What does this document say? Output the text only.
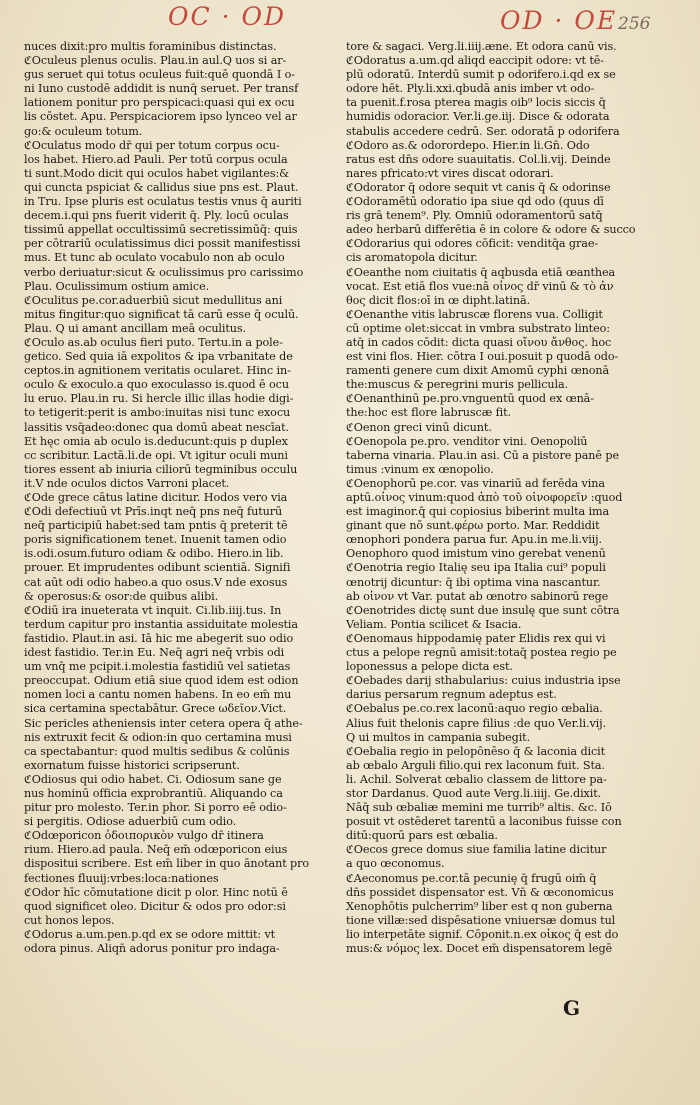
OC · OD	OD · OE 256
nuces dixit:pro multis foraminibus distinctas.
ℭOculeus plenus oculis. Plau.in aul.Q uos si ar-
gus seruet qui totus oculeus fuit:quē quondā I o-
ni Iuno custodē addidit is nunq̄ seruet. Per transf
lationem ponitur pro perspicaci:quasi qui ex ocu
lis cōstet. Apu. Perspicaciorem ipso lynceo vel ar
go:& oculeum totum.
ℭOculatus modo dr̄ qui per totum corpus ocu-
los habet. Hiero.ad Pauli. Per totū corpus ocula
ti sunt.Modo dicit̄ qui oculos habet vigilantes:&
qui cuncta pspiciat & callidus siue pns est. Plaut.
in Tru. Ipse pluris est oculatus testis vnus q̄ auriti
decem.i.qui pns fuerit viderit q̄. Ply. locū oculas
tissimū appellat occultissimū secretissimūq̄: quis
per cōtrariū oculatissimus dici possit manifestissi
mus. Et tunc ab oculato vocabulo non ab oculo
verbo deriuatur:sicut & oculissimus pro carissimo
Plau. Oculissimum ostium amice.
ℭOculitus pe.cor.aduerbiū sicut medullitus ani
mitus fingitur:quo significat̄ tā carū esse q̄ oculū.
Plau. Q ui amant ancillam meā oculitus.
ℭOculo as.ab oculus fieri puto. Tertu.in a pole-
getico. Sed quia iā expolitos & ipa vrbanitate de
ceptos.in agnitionem veritatis ocularet. Hinc in-
oculo & exoculo.a quo exoculasso is.quod ē ocu
lu eruo. Plau.in ru. Si hercle illic illas hodie digi-
to tetigerit:perit is ambo:inuitas nisi tunc exocu
lassitis vsq̄adeo:donec qua domū abeat nescīat.
Et hęc omia ab oculo is.deducunt̄:quis p duplex
cc scribitur. Lactā.li.de opi. Vt igitur oculi muni
tiores essent ab iniuria ciliorū tegminibus occulu
it.V nde oculos dictos Varroni placet.
ℭOde grece cātus latine dicitur. Hodos vero via
ℭOdi defectiuū vt Prīs.inqt neq̄ pns neq̄ futurū
neq̄ participiū habet:sed tam pntis q̄ preterit tē
poris significationem tenet. Inuenit tamen odio
is.odi.osum.futuro odiam & odibo. Hiero.in lib.
prouer. Et imprudentes odibunt scientiā. Signifi
cat aūt odi odio habeo.a quo osus.V nde exosus
& operosus:& osor:de quibus alibi.
ℭOdiū ira inueterata vt inquit. Ci.lib.iiij.tus. In
terdum capitur pro instantia assiduitate molestia
fastidio. Plaut.in asi. Iā hic me abegerit suo odio
idest fastidio. Ter.in Eu. Neq̄ agri neq̄ vrbis odi
um vnq̄ me pcipit.i.molestia fastidiū vel satietas
preoccupat. Odium etiā siue quod idem est odion
nomen loci a cantu nomen habens. In eo em̄ mu
sica certamina spectabātur. Grece ωδεῖον.Vict.
Sic pericles atheniensis inter cetera opera q̄ athe-
nis extruxit fecit & odion:in quo certamina musi
ca spectabantur: quod multis sedibus & colūnis
exornatum fuisse historici scripserunt.
ℭOdiosus qui odio habet. Ci. Odiosum sane ge
nus hominū officia exprobrantiū. Aliquando ca
pitur pro molesto. Ter.in phor. Si porro eē odio-
si pergitis. Odiose aduerbiū cum odio.
ℭOdœporicon ὁδοιπορικὸν vulgo dr̄ itinera
rium. Hiero.ad paula. Neq̄ em̄ odœporicon eius
dispositui scribere. Est em̄ liber in quo ānotant̄ pro
fectiones fluuij:vrbes:loca:nationes
ℭOdor hīc cōmutatione dicit̄ p olor. Hinc notū ē
quod significet oleo. Dicitur & odos pro odor:si
cut honos lepos.
ℭOdorus a.um.pen.p.qd ex se odore mittit: vt
odora pinus. Aliqn̄ adorus ponitur pro indaga-
tore & sagaci. Verg.li.iiij.æne. Et odora canū vis.
ℭOdoratus a.um.qd aliqd eaccipit odore: vt tē-
plū odoratū. Interdū sumit̄ p odorifero.i.qd ex se
odore hēt. Ply.li.xxi.qbudā anis imber vt odo-
ta puenit.f.rosa pterea magis oib⁹ locis siccis q̄
humidis odoracior. Ver.li.ge.iij. Disce & odorata
stabulis accedere cedrū. Ser. odoratā p odorifera
ℭOdoro as.& odorordepo. Hier.in li.Gn̄. Odo
ratus est dn̄s odore suauitatis. Col.li.vij. Deinde
nares pfricato:vt vires discat odorari.
ℭOdorator q̄ odore sequit̄ vt canis q̄ & odorinse
ℭOdoramētū odoratio ipa siue qd odo (quus dī
ris grā tenem⁹. Ply. Omniū odoramentorū satq̄
adeo herbarū differētia ē in colore & odore & succo
ℭOdorarius qui odores cōficit: venditq̄a grae-
cis aromatopola dicitur.
ℭOeanthe nom ciuitatis q̄ aqbusda etiā œanthea
vocat̄. Est etiā flos vue:nā οἶνος dr̄ vinū & τὸ ἀν
θος dicit̄ flos:oī in œ dipht.latinā.
ℭOenanthe vitis labruscæ florens vua. Colligit̄
cū optime olet:siccat̄ in vmbra substrato linteo:
atq̄ in cados cōdit̄: dicta quasi οἴνου ἄνθος. hoc
est vini flos. Hier. cōtra I oui.posuit p quodā odo-
ramenti genere cum dixit Amomū cyphi œnonā
the:muscus & peregrini muris pellicula.
ℭOenanthinū pe.pro.vnguentū quod ex œnā-
the:hoc est flore labruscæ fit.
ℭOenon greci vinū dicunt.
ℭOenopola pe.pro. venditor vini. Oenopoliū
taberna vinaria. Plau.in asi. Cū a pistore panē pe
timus :vinum ex œnopolio.
ℭOenophorū pe.cor. vas vinariū ad ferēda vina
aptū.οἶνος vinum:quod ἀπὸ τοῦ οἰνοφορεῖν :quod
est imaginor.q̄ qui copiosius biberint multa ima
ginant̄ que nō sunt.φέρω porto. Mar. Reddidit
œnophori pondera parua fur. Apu.in me.li.viij.
Oenophoro quod imistum vino gerebat venenū
ℭOenotria regio Italię seu ipa Italia cui⁹ populi
œnotrij dicuntur: q̄ ibi optima vina nascantur.
ab οἰνον vt Var. putat ab œnotro sabinorū rege
ℭOenotrides dictę sunt due insulę que sunt cōtra
Veliam. Pontia scilicet & Isacia.
ℭOenomaus hippodamię pater Elidis rex qui vi
ctus a pelope regnū amisit:totaq̄ postea regio pe
loponessus a pelope dicta est.
ℭOebades darij sthabularius: cuius industria ipse
darius persarum regnum adeptus est.
ℭOebalus pe.co.rex laconū:aquo regio œbalia.
Alius fuit thelonis capre filius :de quo Ver.li.vij.
Q ui multos in campania subegit.
ℭOebalia regio in pelopōnēso q̄ & laconia dicit̄
ab œbalo Arguli filio.qui rex laconum fuit. Sta.
li. Achil. Solverat œbalio classem de littore pa-
stor Dardanus. Quod aute Verg.li.iiij. Ge.dixit.
Nāq̄ sub œbaliæ memini me turrib⁹ altis. &c. Iō
posuit vt ostēderet tarentū a laconibus fuisse con
ditū:quorū pars est œbalia.
ℭOecos grece domus siue familia latine dicitur
a quo œconomus.
ℭAeconomus pe.cor.tā pecunię q̄ frugū oim̄ q̄
dn̄s possidet dispensator est. Vn̄ & œconomicus
Xenophōtis pulcherrim⁹ liber est q non guberna
tione villæ:sed dispēsatione vniuersæ domus tul
lio interpetāte signif. Cōponit.n.ex οἶκος q̄ est do
mus:& νόμος lex. Docet em̄ dispensatorem legē
G
